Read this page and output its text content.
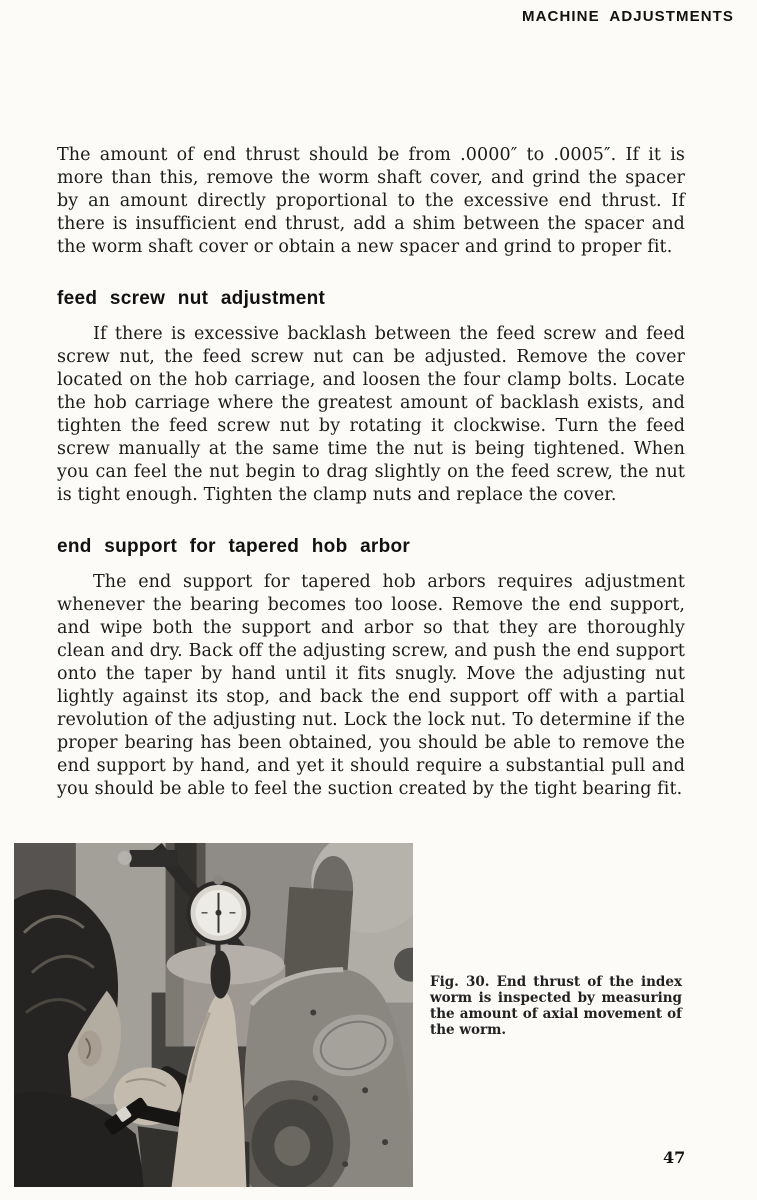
MACHINE ADJUSTMENTS

The amount of end thrust should be from .0000″ to .0005″. If it is more than this, remove the worm shaft cover, and grind the spacer by an amount directly proportional to the excessive end thrust. If there is insufficient end thrust, add a shim between the spacer and the worm shaft cover or obtain a new spacer and grind to proper fit.

feed screw nut adjustment

If there is excessive backlash between the feed screw and feed screw nut, the feed screw nut can be adjusted. Remove the cover located on the hob carriage, and loosen the four clamp bolts. Locate the hob carriage where the greatest amount of backlash exists, and tighten the feed screw nut by rotating it clockwise. Turn the feed screw manually at the same time the nut is being tightened. When you can feel the nut begin to drag slightly on the feed screw, the nut is tight enough. Tighten the clamp nuts and replace the cover.

end support for tapered hob arbor

The end support for tapered hob arbors requires adjustment whenever the bearing becomes too loose. Remove the end support, and wipe both the support and arbor so that they are thoroughly clean and dry. Back off the adjusting screw, and push the end support onto the taper by hand until it fits snugly. Move the adjusting nut lightly against its stop, and back the end support off with a partial revolution of the adjusting nut. Lock the lock nut. To determine if the proper bearing has been obtained, you should be able to remove the end support by hand, and yet it should require a substantial pull and you should be able to feel the suction created by the tight bearing fit.

Fig. 30. End thrust of the index worm is inspected by measuring the amount of axial movement of the worm.

47
